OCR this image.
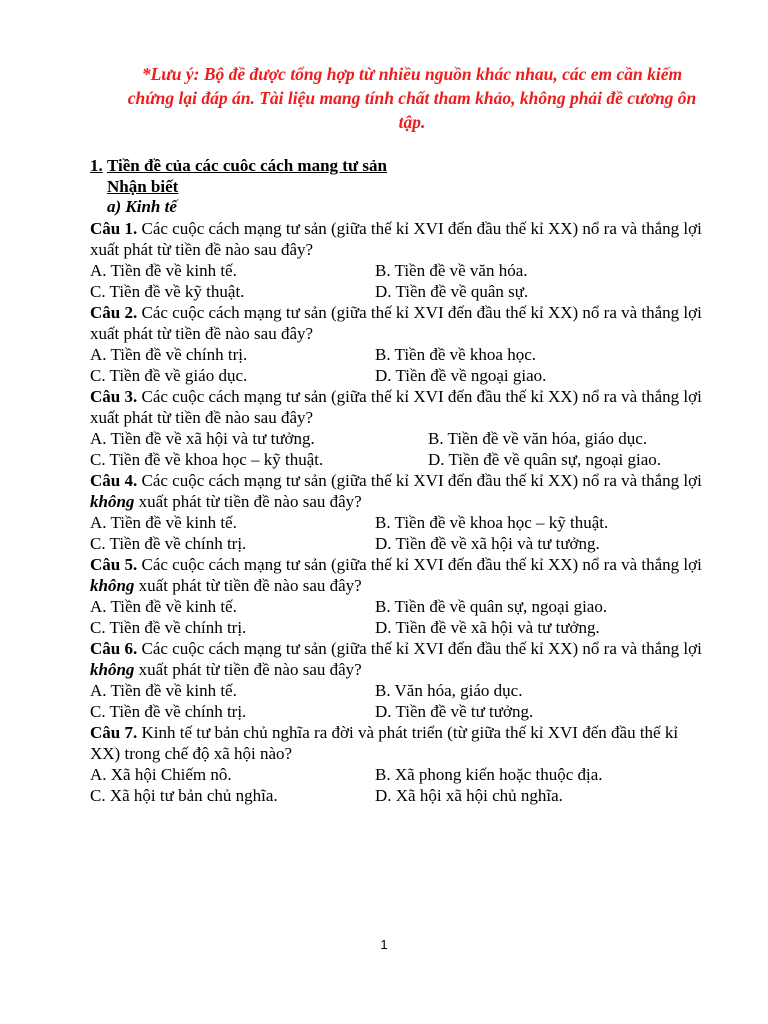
*Lưu ý: Bộ đề được tổng hợp từ nhiều nguồn khác nhau, các em cần kiếm
chứng lại đáp án. Tài liệu mang tính chất tham khảo, không phải đề cương ôn
tập.
1. Tiền đề của các cuôc cách mang tư sản
Nhận biết
a) Kinh tế

Câu 1. Các cuộc cách mạng tư sản (giữa thế kỉ XVI đến đầu thế kỉ XX) nổ ra và thắng lợi xuất phát từ tiền đề nào sau đây?

A. Tiền đề về kinh tế.	B. Tiền đề về văn hóa.
C. Tiền đề về kỹ thuật.	D. Tiền đề về quân sự.

Câu 2. Các cuộc cách mạng tư sản (giữa thế kỉ XVI đến đầu thế kỉ XX) nổ ra và thắng lợi xuất phát từ tiền đề nào sau đây?

A. Tiền đề về chính trị.	B. Tiền đề về khoa học.
C. Tiền đề về giáo dục.	D. Tiền đề về ngoại giao.

Câu 3. Các cuộc cách mạng tư sản (giữa thế kỉ XVI đến đầu thế kỉ XX) nổ ra và thắng lợi xuất phát từ tiền đề nào sau đây?

A. Tiền đề về xã hội và tư tưởng.	B. Tiền đề về văn hóa, giáo dục.
C. Tiền đề về khoa học – kỹ thuật.	D. Tiền đề về quân sự, ngoại giao.

Câu 4. Các cuộc cách mạng tư sản (giữa thế kỉ XVI đến đầu thế kỉ XX) nổ ra và thắng lợi không xuất phát từ tiền đề nào sau đây?

A. Tiền đề về kinh tế.	B. Tiền đề về khoa học – kỹ thuật.
C. Tiền đề về chính trị.	D. Tiền đề về xã hội và tư tưởng.

Câu 5. Các cuộc cách mạng tư sản (giữa thế kỉ XVI đến đầu thế kỉ XX) nổ ra và thắng lợi không xuất phát từ tiền đề nào sau đây?

A. Tiền đề về kinh tế.	B. Tiền đề về quân sự, ngoại giao.
C. Tiền đề về chính trị.	D. Tiền đề về xã hội và tư tưởng.

Câu 6. Các cuộc cách mạng tư sản (giữa thế kỉ XVI đến đầu thế kỉ XX) nổ ra và thắng lợi không xuất phát từ tiền đề nào sau đây?

A. Tiền đề về kinh tế.	B. Văn hóa, giáo dục.
C. Tiền đề về chính trị.	D. Tiền đề về tư tưởng.

Câu 7. Kinh tế tư bản chủ nghĩa ra đời và phát triển (từ giữa thế kỉ XVI đến đầu thế kỉ XX) trong chế độ xã hội nào?

A. Xã hội Chiếm nô.	B. Xã phong kiến hoặc thuộc địa.
C. Xã hội tư bản chủ nghĩa.	D. Xã hội xã hội chủ nghĩa.
1
